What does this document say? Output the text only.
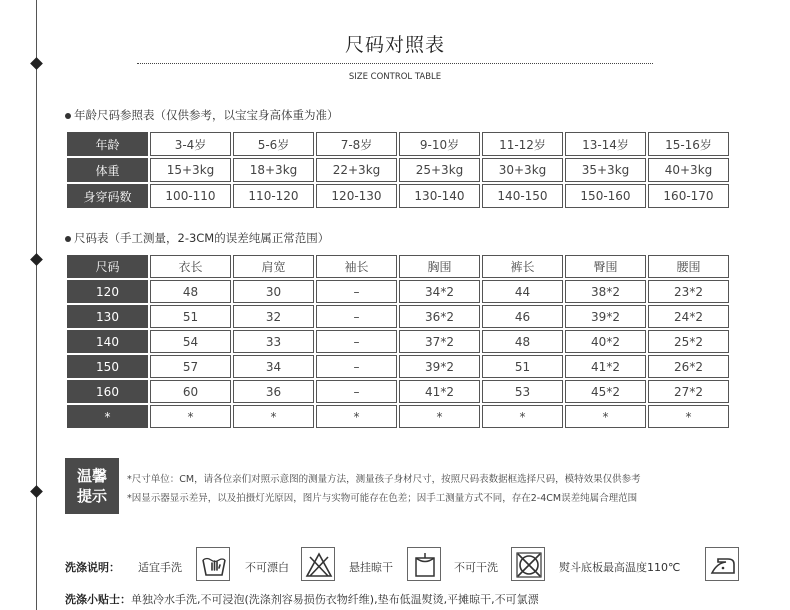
尺码对照表
SIZE CONTROL TABLE
年龄尺码参照表（仅供参考，以宝宝身高体重为准）
年龄	3-4岁	5-6岁	7-8岁	9-10岁	11-12岁	13-14岁	15-16岁
体重	15+3kg	18+3kg	22+3kg	25+3kg	30+3kg	35+3kg	40+3kg
身穿码数	100-110	110-120	120-130	130-140	140-150	150-160	160-170
尺码表（手工测量，2-3CM的误差纯属正常范围）
尺码	衣长	肩宽	袖长	胸围	裤长	臀围	腰围
120	48	30	–	34*2	44	38*2	23*2
130	51	32	–	36*2	46	39*2	24*2
140	54	33	–	37*2	48	40*2	25*2
150	57	34	–	39*2	51	41*2	26*2
160	60	36	–	41*2	53	45*2	27*2
*	*	*	*	*	*	*	*
温馨
提示
*尺寸单位：CM，请各位亲们对照示意图的测量方法，测量孩子身材尺寸，按照尺码表数据框选择尺码，模特效果仅供参考
*因显示器显示差异，以及拍摄灯光原因，图片与实物可能存在色差；因手工测量方式不同，存在2-4CM误差纯属合理范围
洗涤说明： 适宜手洗	不可漂白	悬挂晾干	不可干洗	熨斗底板最高温度110℃
洗涤小贴士：单独冷水手洗,不可浸泡(洗涤剂容易损伤衣物纤维),垫布低温熨烫,平摊晾干,不可氯漂
